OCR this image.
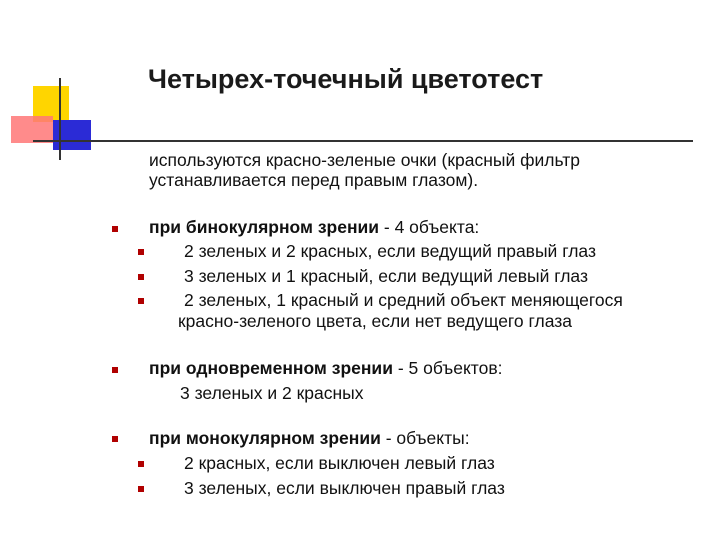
Четырех-точечный цветотест
используются красно-зеленые очки (красный фильтр
устанавливается перед правым глазом).
при бинокулярном зрении - 4 объекта:
2 зеленых и 2 красных, если ведущий правый глаз
3 зеленых и 1 красный, если ведущий левый глаз
2 зеленых, 1 красный и средний объект меняющегося
красно-зеленого цвета, если нет ведущего глаза
при одновременном зрении - 5 объектов:
3 зеленых и 2 красных
при монокулярном зрении - объекты:
2 красных, если выключен левый глаз
3 зеленых, если выключен правый глаз
